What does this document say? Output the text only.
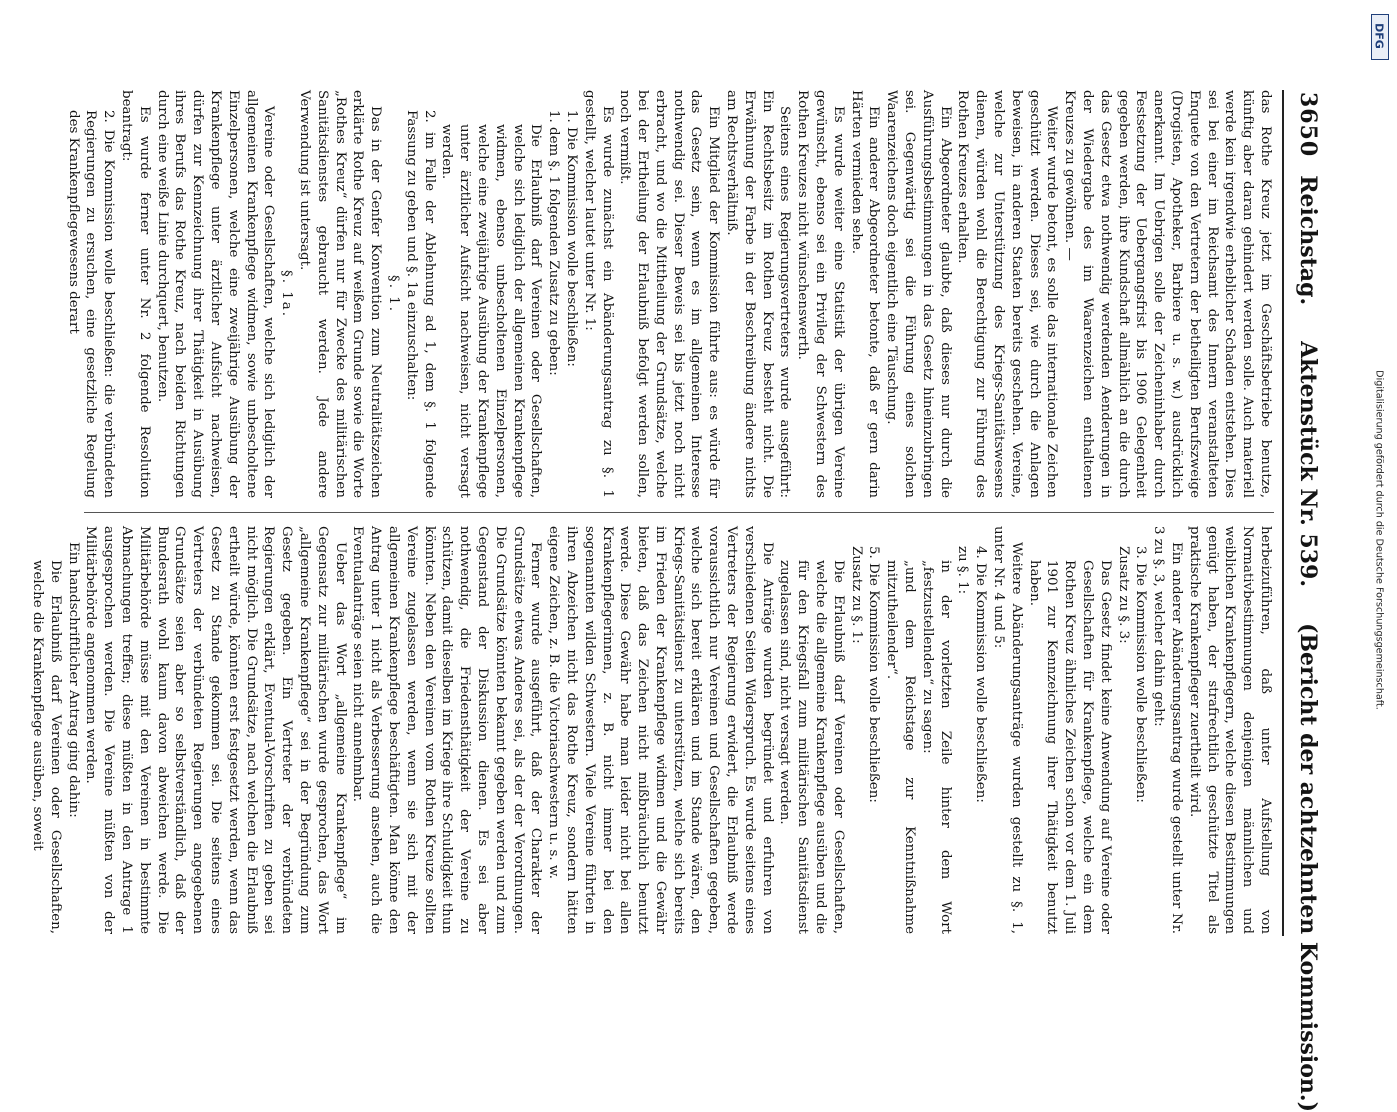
3650
Reichstag.
Aktenstück Nr. 539.
(Bericht der achtzehnten Kommission.)

das Rothe Kreuz jetzt im Geschäftsbetriebe benutze, künftig aber daran gehindert werden solle. Auch materiell werde kein irgendwie erheblicher Schaden entstehen. Dies sei bei einer im Reichsamt des Innern veranstalteten Enquete von den Vertretern der betheiligten Berufszweige (Drogisten, Apotheker, Barbiere u. s. w.) ausdrücklich anerkannt. Im Uebrigen solle der Zeicheninhaber durch Festsetzung der Uebergangsfrist bis 1906 Gelegenheit gegeben werden, ihre Kundschaft allmählich an die durch das Gesetz etwa nothwendig werdenden Aenderungen in der Wiedergabe des im Waarenzeichen enthaltenen Kreuzes zu gewöhnen. —

Weiter wurde betont, es solle das internationale Zeichen geschützt werden. Dieses sei, wie durch die Anlagen beweisen, in anderen Staaten bereits geschehen. Vereine, welche zur Unterstützung des Kriegs-Sanitätswesens dienen, würden wohl die Berechtigung zur Führung des Rothen Kreuzes erhalten.

Ein Abgeordneter glaubte, daß dieses nur durch die Ausführungsbestimmungen in das Gesetz hineinzubringen sei. Gegenwärtig sei die Führung eines solchen Waarenzeichens doch eigentlich eine Täuschung.

Ein anderer Abgeordneter betonte, daß er gern darin Härten vermieden sehe.

Es wurde weiter eine Statistik der übrigen Vereine gewünscht, ebenso sei ein Privileg der Schwestern des Rothen Kreuzes nicht wünschenswerth.

Seitens eines Regierungsvertreters wurde ausgeführt: Ein Rechtsbesitz im Rothen Kreuz besteht nicht. Die Erwähnung der Farbe in der Beschreibung ändere nichts am Rechtsverhältniß.

Ein Mitglied der Kommission führte aus: es würde für das Gesetz sein, wenn es im allgemeinen Interesse nothwendig sei. Dieser Beweis sei bis jetzt noch nicht erbracht, und wo die Mittheilung der Grundsätze, welche bei der Ertheilung der Erlaubniß befolgt werden sollen, noch vermißt.

Es wurde zunächst ein Abänderungsantrag zu §. 1 gestellt, welcher lautet unter Nr. 1:

1. Die Kommission wolle beschließen:

1. dem §. 1 folgenden Zusatz zu geben:

Die Erlaubniß darf Vereinen oder Gesellschaften, welche sich lediglich der allgemeinen Krankenpflege widmen, ebenso unbescholtenen Einzelpersonen, welche eine zweijährige Ausübung der Krankenpflege unter ärztlicher Aufsicht nachweisen, nicht versagt werden.

2. im Falle der Ablehnung ad 1, dem §. 1 folgende Fassung zu geben und §. 1a einzuschalten:

§. 1.

Das in der Genfer Konvention zum Neutralitätszeichen erklärte Rothe Kreuz auf weißem Grunde sowie die Worte „Rothes Kreuz“ dürfen nur für Zwecke des militärischen Sanitätsdienstes gebraucht werden. Jede andere Verwendung ist untersagt.

§. 1a.

Vereine oder Gesellschaften, welche sich lediglich der allgemeinen Krankenpflege widmen, sowie unbescholtene Einzelpersonen, welche eine zweijährige Ausübung der Krankenpflege unter ärztlicher Aufsicht nachweisen, dürfen zur Kennzeichnung ihrer Thätigkeit in Ausübung ihres Berufs das Rothe Kreuz, nach beiden Richtungen durch eine weiße Linie durchquert, benutzen.

Es wurde ferner unter Nr. 2 folgende Resolution beantragt:

2. Die Kommission wolle beschließen: die verbündeten Regierungen zu ersuchen, eine gesetzliche Regelung des Krankenpflegewesens derart

herbeizuführen, daß unter Aufstellung von Normativbestimmungen denjenigen männlichen und weiblichen Krankenpflegern, welche diesen Bestimmungen genügt haben, der strafrechtlich geschützte Titel als praktische Krankenpfleger zuertheilt wird.

Ein anderer Abänderungsantrag wurde gestellt unter Nr. 3 zu §. 3, welcher dahin geht:

3. Die Kommission wolle beschließen:

Zusatz zu §. 3:

Das Gesetz findet keine Anwendung auf Vereine oder Gesellschaften für Krankenpflege, welche ein dem Rothen Kreuz ähnliches Zeichen schon vor dem 1. Juli 1901 zur Kennzeichnung ihrer Thätigkeit benutzt haben.

Weitere Abänderungsanträge wurden gestellt zu §. 1, unter Nr. 4 und 5:

4. Die Kommission wolle beschließen:

zu §. 1:

in der vorletzten Zeile hinter dem Wort „festzustellenden“ zu sagen:

„und dem Reichstage zur Kenntnißnahme mitzutheilender“.

5. Die Kommission wolle beschließen:

Zusatz zu §. 1:

Die Erlaubniß darf Vereinen oder Gesellschaften, welche die allgemeine Krankenpflege ausüben und die für den Kriegsfall zum militärischen Sanitätsdienst zugelassen sind, nicht versagt werden.

Die Anträge wurden begründet und erfuhren von verschiedenen Seiten Widerspruch. Es wurde seitens eines Vertreters der Regierung erwidert, die Erlaubniß werde voraussichtlich nur Vereinen und Gesellschaften gegeben, welche sich bereit erklären und im Stande wären, den Kriegs-Sanitätsdienst zu unterstützen, welche sich bereits im Frieden der Krankenpflege widmen und die Gewähr bieten, daß das Zeichen nicht mißbräuchlich benutzt werde. Diese Gewähr habe man leider nicht bei allen Krankenpflegerinnen, z. B. nicht immer bei den sogenannten wilden Schwestern. Viele Vereine führten in ihren Abzeichen nicht das Rothe Kreuz, sondern hätten eigene Zeichen, z. B. die Victoriaschwestern u. s. w.

Ferner wurde ausgeführt, daß der Charakter der Grundsätze etwas Anderes sei, als der der Verordnungen. Die Grundsätze könnten bekannt gegeben werden und zum Gegenstand der Diskussion dienen. Es sei aber nothwendig, die Friedensthätigkeit der Vereine zu schützen, damit dieselben im Kriege ihre Schuldigkeit thun könnten. Neben den Vereinen vom Rothen Kreuze sollten Vereine zugelassen werden, wenn sie sich mit der allgemeinen Krankenpflege beschäftigten. Man könne den Antrag unter 1 nicht als Verbesserung ansehen, auch die Eventualanträge seien nicht annehmbar.

Ueber das Wort „allgemeine Krankenpflege“ im Gegensatz zur militärischen wurde gesprochen, das Wort „allgemeine Krankenpflege“ sei in der Begründung zum Gesetz gegeben. Ein Vertreter der verbündeten Regierungen erklärt, Eventual-Vorschriften zu geben sei nicht möglich. Die Grundsätze, nach welchen die Erlaubniß ertheilt würde, könnten erst festgesetzt werden, wenn das Gesetz zu Stande gekommen sei. Die seitens eines Vertreters der verbündeten Regierungen angegebenen Grundsätze seien aber so selbstverständlich, daß der Bundesrath wohl kaum davon abweichen werde. Die Militärbehörde müsse mit den Vereinen in bestimmte Abmachungen treffen; diese müßten in den Antrage 1 ausgesprochen werden. Die Vereine müßten von der Militärbehörde angenommen werden.

Ein handschriftlicher Antrag ging dahin:

Die Erlaubniß darf Vereinen oder Gesellschaften, welche die Krankenpflege ausüben, soweit

DFG
Digitalisierung gefördert durch die Deutsche Forschungsgemeinschaft.
